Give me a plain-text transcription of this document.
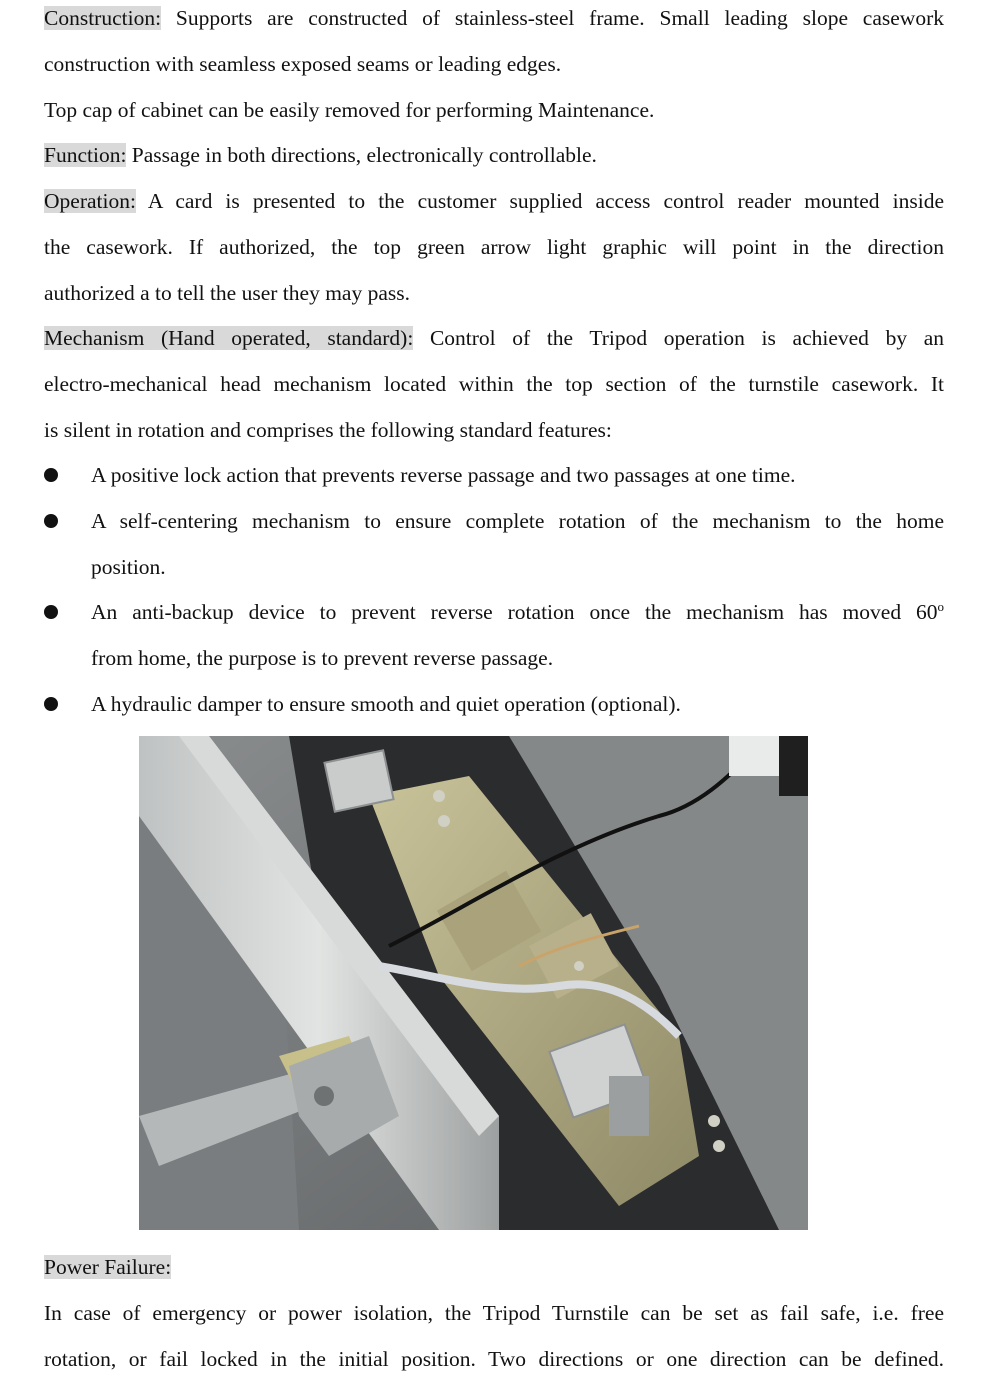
Construction: Supports are constructed of stainless-steel frame. Small leading slope casework
construction with seamless exposed seams or leading edges.
Top cap of cabinet can be easily removed for performing Maintenance.
Function: Passage in both directions, electronically controllable.
Operation: A card is presented to the customer supplied access control reader mounted inside
the casework. If authorized, the top green arrow light graphic will point in the direction
authorized a to tell the user they may pass.
Mechanism (Hand operated, standard): Control of the Tripod operation is achieved by an
electro-mechanical head mechanism located within the top section of the turnstile casework. It
is silent in rotation and comprises the following standard features:
A positive lock action that prevents reverse passage and two passages at one time.
A self-centering mechanism to ensure complete rotation of the mechanism to the home
position.
An anti-backup device to prevent reverse rotation once the mechanism has moved 60$^o$
from home, the purpose is to prevent reverse passage.
A hydraulic damper to ensure smooth and quiet operation (optional).
Power Failure:
In case of emergency or power isolation, the Tripod Turnstile can be set as fail safe, i.e. free
rotation, or fail locked in the initial position. Two directions or one direction can be defined.
